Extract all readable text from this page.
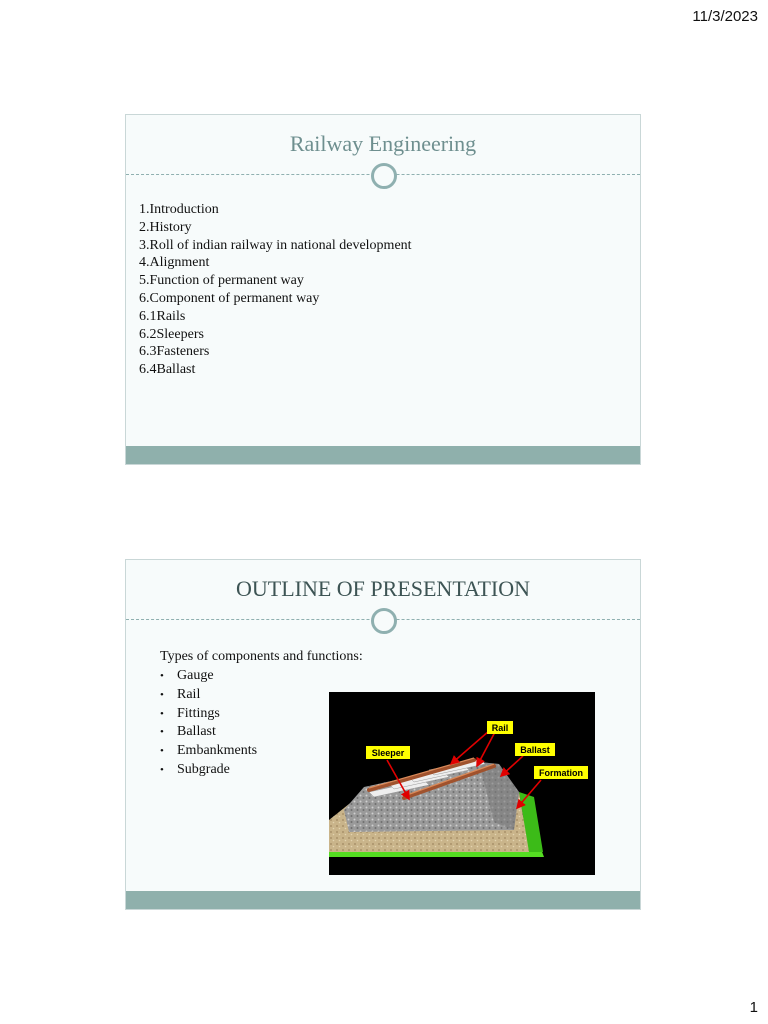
11/3/2023
Railway Engineering
1.Introduction
2.History
3.Roll of indian railway in national development
4.Alignment
5.Function of permanent way
6.Component of permanent way
6.1Rails
6.2Sleepers
6.3Fasteners
6.4Ballast
OUTLINE OF PRESENTATION
Types of components and functions:
• Gauge
• Rail
• Fittings
• Ballast
• Embankments
• Subgrade
Rail
Sleeper	Ballast
Formation
1
